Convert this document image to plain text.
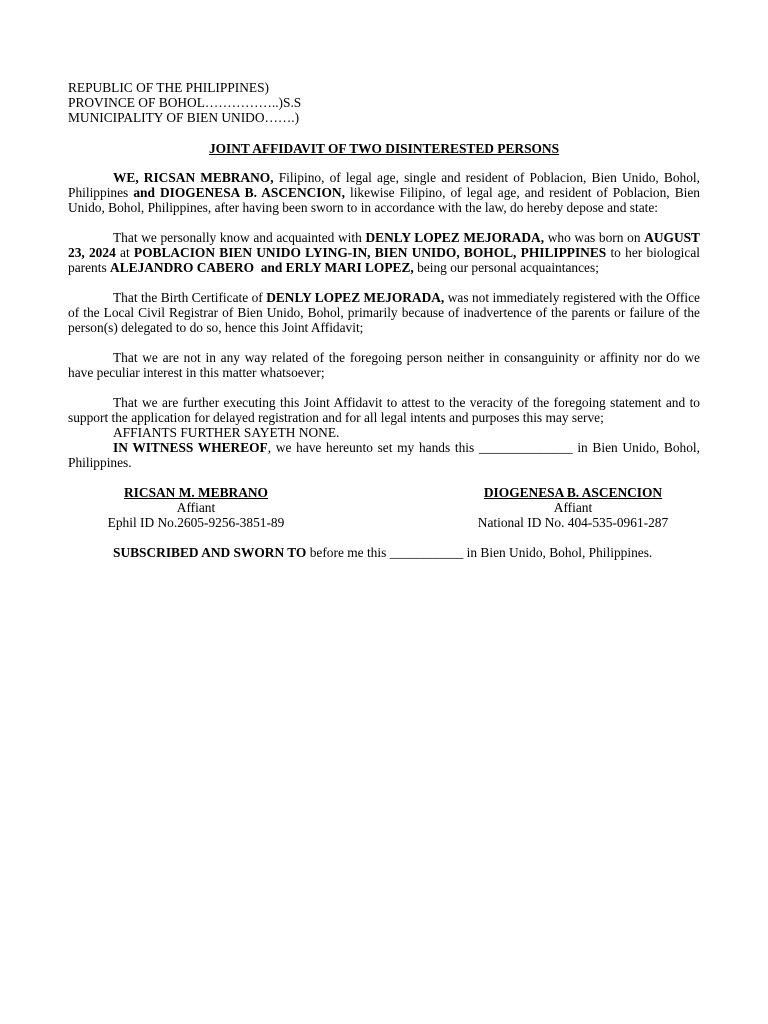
REPUBLIC OF THE PHILIPPINES)
PROVINCE OF BOHOL……………..)S.S
MUNICIPALITY OF BIEN UNIDO…….)
JOINT AFFIDAVIT OF TWO DISINTERESTED PERSONS

WE, RICSAN MEBRANO, Filipino, of legal age, single and resident of Poblacion, Bien Unido, Bohol, Philippines and DIOGENESA B. ASCENCION, likewise Filipino, of legal age, and resident of Poblacion, Bien Unido, Bohol, Philippines, after having been sworn to in accordance with the law, do hereby depose and state:

That we personally know and acquainted with DENLY LOPEZ MEJORADA, who was born on AUGUST 23, 2024 at POBLACION BIEN UNIDO LYING-IN, BIEN UNIDO, BOHOL, PHILIPPINES to her biological parents ALEJANDRO CABERO and ERLY MARI LOPEZ, being our personal acquaintances;

That the Birth Certificate of DENLY LOPEZ MEJORADA, was not immediately registered with the Office of the Local Civil Registrar of Bien Unido, Bohol, primarily because of inadvertence of the parents or failure of the person(s) delegated to do so, hence this Joint Affidavit;

That we are not in any way related of the foregoing person neither in consanguinity or affinity nor do we have peculiar interest in this matter whatsoever;

That we are further executing this Joint Affidavit to attest to the veracity of the foregoing statement and to support the application for delayed registration and for all legal intents and purposes this may serve;

AFFIANTS FURTHER SAYETH NONE.

IN WITNESS WHEREOF, we have hereunto set my hands this ______________ in Bien Unido, Bohol, Philippines.

RICSAN M. MEBRANO
Affiant
Ephil ID No.2605-9256-3851-89
DIOGENESA B. ASCENCION
Affiant
National ID No. 404-535-0961-287

SUBSCRIBED AND SWORN TO before me this ___________ in Bien Unido, Bohol, Philippines.
